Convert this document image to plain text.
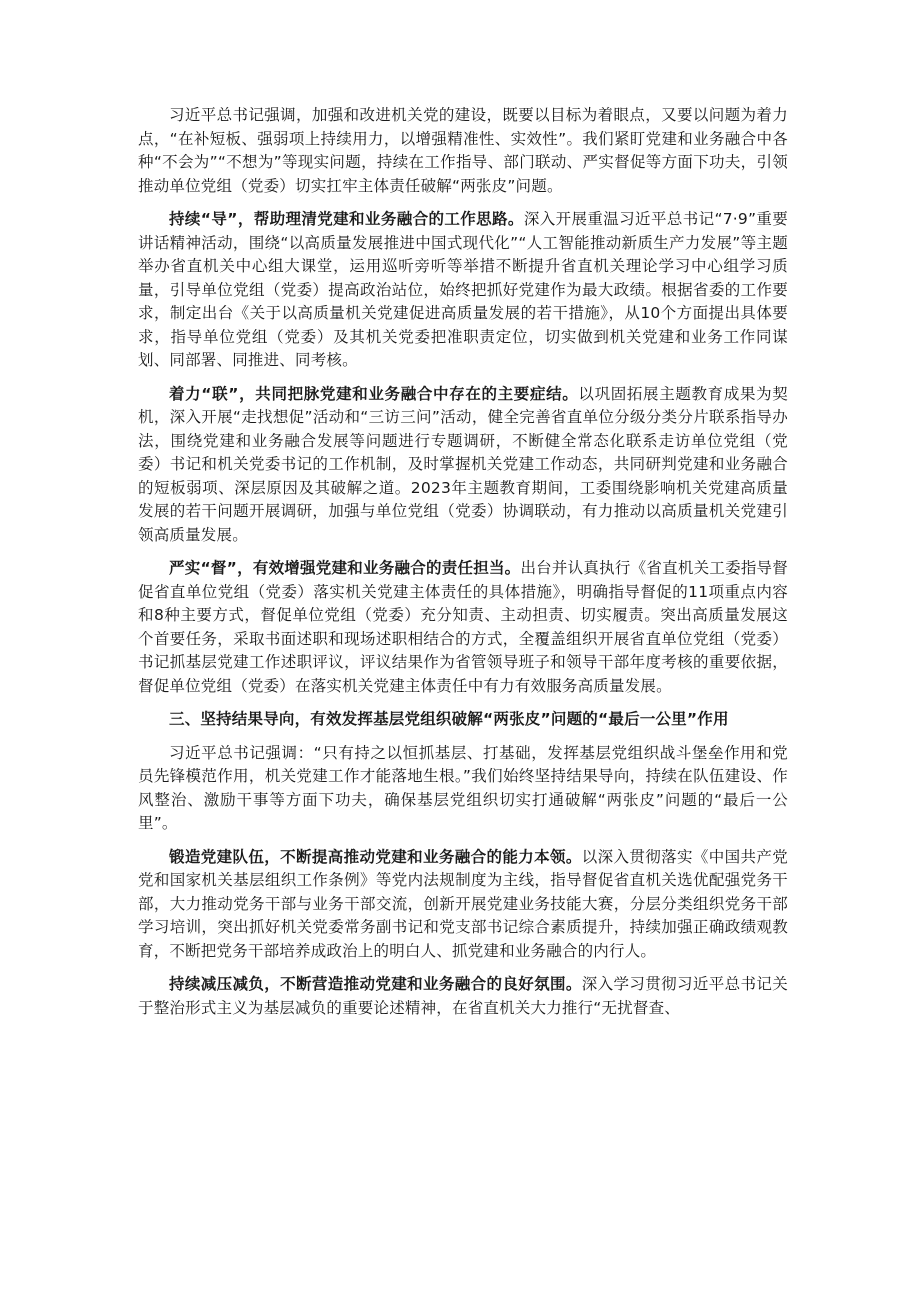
习近平总书记强调，加强和改进机关党的建设，既要以目标为着眼点，又要以问题为着力点，“在补短板、强弱项上持续用力，以增强精准性、实效性”。我们紧盯党建和业务融合中各种“不会为”“不想为”等现实问题，持续在工作指导、部门联动、严实督促等方面下功夫，引领推动单位党组（党委）切实扛牢主体责任破解“两张皮”问题。

持续“导”，帮助理清党建和业务融合的工作思路。深入开展重温习近平总书记“7·9”重要讲话精神活动，围绕“以高质量发展推进中国式现代化”“人工智能推动新质生产力发展”等主题举办省直机关中心组大课堂，运用巡听旁听等举措不断提升省直机关理论学习中心组学习质量，引导单位党组（党委）提高政治站位，始终把抓好党建作为最大政绩。根据省委的工作要求，制定出台《关于以高质量机关党建促进高质量发展的若干措施》，从10个方面提出具体要求，指导单位党组（党委）及其机关党委把准职责定位，切实做到机关党建和业务工作同谋划、同部署、同推进、同考核。

着力“联”，共同把脉党建和业务融合中存在的主要症结。以巩固拓展主题教育成果为契机，深入开展“走找想促”活动和“三访三问”活动，健全完善省直单位分级分类分片联系指导办法，围绕党建和业务融合发展等问题进行专题调研，不断健全常态化联系走访单位党组（党委）书记和机关党委书记的工作机制，及时掌握机关党建工作动态，共同研判党建和业务融合的短板弱项、深层原因及其破解之道。2023年主题教育期间，工委围绕影响机关党建高质量发展的若干问题开展调研，加强与单位党组（党委）协调联动，有力推动以高质量机关党建引领高质量发展。

严实“督”，有效增强党建和业务融合的责任担当。出台并认真执行《省直机关工委指导督促省直单位党组（党委）落实机关党建主体责任的具体措施》，明确指导督促的11项重点内容和8种主要方式，督促单位党组（党委）充分知责、主动担责、切实履责。突出高质量发展这个首要任务，采取书面述职和现场述职相结合的方式，全覆盖组织开展省直单位党组（党委）书记抓基层党建工作述职评议，评议结果作为省管领导班子和领导干部年度考核的重要依据，督促单位党组（党委）在落实机关党建主体责任中有力有效服务高质量发展。

三、坚持结果导向，有效发挥基层党组织破解“两张皮”问题的“最后一公里”作用

习近平总书记强调：“只有持之以恒抓基层、打基础，发挥基层党组织战斗堡垒作用和党员先锋模范作用，机关党建工作才能落地生根。”我们始终坚持结果导向，持续在队伍建设、作风整治、激励干事等方面下功夫，确保基层党组织切实打通破解“两张皮”问题的“最后一公里”。

锻造党建队伍，不断提高推动党建和业务融合的能力本领。以深入贯彻落实《中国共产党党和国家机关基层组织工作条例》等党内法规制度为主线，指导督促省直机关选优配强党务干部，大力推动党务干部与业务干部交流，创新开展党建业务技能大赛，分层分类组织党务干部学习培训，突出抓好机关党委常务副书记和党支部书记综合素质提升，持续加强正确政绩观教育，不断把党务干部培养成政治上的明白人、抓党建和业务融合的内行人。

持续减压减负，不断营造推动党建和业务融合的良好氛围。深入学习贯彻习近平总书记关于整治形式主义为基层减负的重要论述精神，在省直机关大力推行“无扰督查、
